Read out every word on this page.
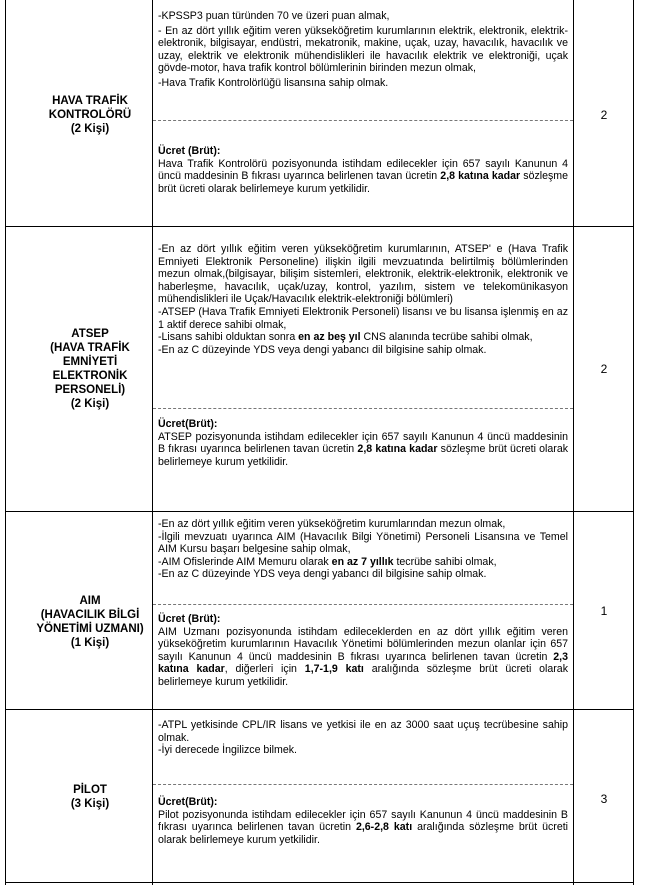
HAVA TRAFİK
KONTROLÖRÜ
(2 Kişi)
2

-KPSSP3 puan türünden 70 ve üzeri puan almak,

- En az dört yıllık eğitim veren yükseköğretim kurumlarının elektrik, elektronik, elektrik-elektronik, bilgisayar, endüstri, mekatronik, makine, uçak, uzay, havacılık, havacılık ve uzay, elektrik ve elektronik mühendislikleri ile havacılık elektrik ve elektroniği, uçak gövde-motor, hava trafik kontrol bölümlerinin birinden mezun olmak,

-Hava Trafik Kontrolörlüğü lisansına sahip olmak.

Ücret (Brüt):

Hava Trafik Kontrolörü pozisyonunda istihdam edilecekler için 657 sayılı Kanunun 4 üncü maddesinin B fıkrası uyarınca belirlenen tavan ücretin 2,8 katına kadar sözleşme brüt ücreti olarak belirlemeye kurum yetkilidir.

ATSEP
(HAVA TRAFİK
EMNİYETİ
ELEKTRONİK
PERSONELİ)
(2 Kişi)
2

-En az dört yıllık eğitim veren yükseköğretim kurumlarının, ATSEP' e (Hava Trafik Emniyeti Elektronik Personeline) ilişkin ilgili mevzuatında belirtilmiş bölümlerinden mezun olmak,(bilgisayar, bilişim sistemleri, elektronik, elektrik-elektronik, elektronik ve haberleşme, havacılık, uçak/uzay, kontrol, yazılım, sistem ve telekomünikasyon mühendislikleri ile Uçak/Havacılık elektrik-elektroniği bölümleri)

-ATSEP (Hava Trafik Emniyeti Elektronik Personeli) lisansı ve bu lisansa işlenmiş en az 1 aktif derece sahibi olmak,

-Lisans sahibi olduktan sonra en az beş yıl CNS alanında tecrübe sahibi olmak,

-En az C düzeyinde YDS veya dengi yabancı dil bilgisine sahip olmak.

Ücret(Brüt):

ATSEP pozisyonunda istihdam edilecekler için 657 sayılı Kanunun 4 üncü maddesinin B fıkrası uyarınca belirlenen tavan ücretin 2,8 katına kadar sözleşme brüt ücreti olarak belirlemeye kurum yetkilidir.

AIM
(HAVACILIK BİLGİ
YÖNETİMİ UZMANI)
(1 Kişi)
1

-En az dört yıllık eğitim veren yükseköğretim kurumlarından mezun olmak,

-İlgili mevzuatı uyarınca AIM (Havacılık Bilgi Yönetimi) Personeli Lisansına ve Temel AIM Kursu başarı belgesine sahip olmak,

-AIM Ofislerinde AIM Memuru olarak en az 7 yıllık tecrübe sahibi olmak,

-En az C düzeyinde YDS veya dengi yabancı dil bilgisine sahip olmak.

Ücret (Brüt):

AIM Uzmanı pozisyonunda istihdam edileceklerden en az dört yıllık eğitim veren yükseköğretim kurumlarının Havacılık Yönetimi bölümlerinden mezun olanlar için 657 sayılı Kanunun 4 üncü maddesinin B fıkrası uyarınca belirlenen tavan ücretin 2,3 katına kadar, diğerleri için 1,7-1,9 katı aralığında sözleşme brüt ücreti olarak belirlemeye kurum yetkilidir.

PİLOT
(3 Kişi)	3

-ATPL yetkisinde CPL/IR lisans ve yetkisi ile en az 3000 saat uçuş tecrübesine sahip olmak.

-İyi derecede İngilizce bilmek.

Ücret(Brüt):

Pilot pozisyonunda istihdam edilecekler için 657 sayılı Kanunun 4 üncü maddesinin B fıkrası uyarınca belirlenen tavan ücretin 2,6-2,8 katı aralığında sözleşme brüt ücreti olarak belirlemeye kurum yetkilidir.
